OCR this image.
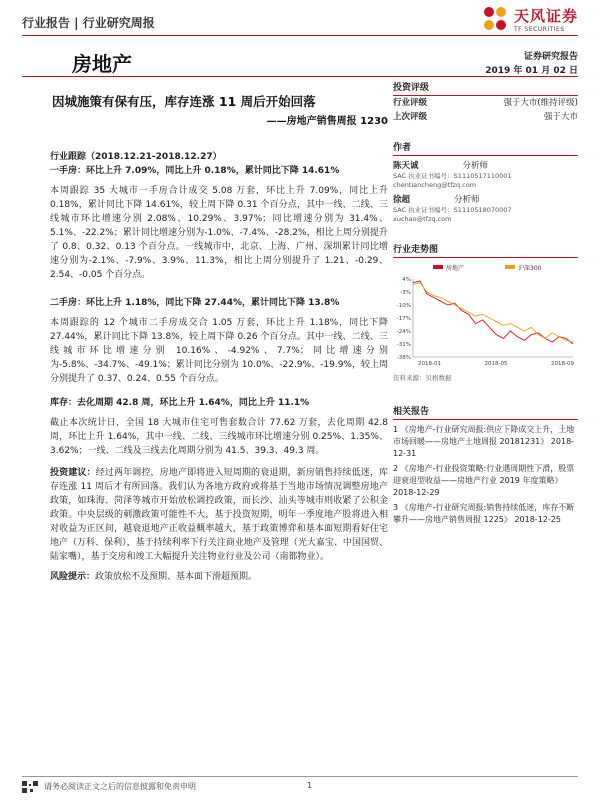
行业报告 | 行业研究周报	天风证券
TF SECURITIES
房地产	证券研究报告
2019 年 01 月 02 日
因城施策有保有压，库存连涨 11 周后开始回落
——房地产销售周报 1230
行业跟踪（2018.12.21-2018.12.27）
一手房：环比上升 7.09%，同比上升 0.18%，累计同比下降 14.61%

本周跟踪 35 大城市一手房合计成交 5.08 万套，环比上升 7.09%，同比上升 0.18%，累计同比下降 14.61%，较上周下降 0.31 个百分点，其中一线、二线、三线城市环比增速分别 2.08%、10.29%、3.97%；同比增速分别为 31.4%、5.1%、-22.2%；累计同比增速分别为-1.0%、-7.4%、-28.2%，相比上周分别提升了 0.8、0.32、0.13 个百分点。一线城市中，北京、上海、广州、深圳累计同比增速分别为-2.1%、-7.9%、3.9%、11.3%，相比上周分别提升了 1.21、-0.29、2.54、-0.05 个百分点。

二手房：环比上升 1.18%，同比下降 27.44%，累计同比下降 13.8%

本周跟踪的 12 个城市二手房成交合 1.05 万套，环比上升 1.18%，同比下降 27.44%，累计同比下降 13.8%，较上周下降 0.26 个百分点。其中一线、二线、三线城市环比增速分别 10.16%、-4.92%、7.7%；同比增速分别为-5.8%、-34.7%、-49.1%；累计同比分别为 10.0%、-22.9%、-19.9%，较上周分别提升了 0.37、0.24、0.55 个百分点。

库存：去化周期 42.8 周，环比上升 1.64%，同比上升 11.1%

截止本次统计日，全国 18 大城市住宅可售套数合计 77.62 万套，去化周期 42.8 周，环比上升 1.64%，其中一线、二线、三线城市环比增速分别 0.25%、1.35%、3.62%；一线、二线及三线去化周期分别为 41.5、39.3、49.3 周。

投资建议：经过两年调控，房地产即将进入短周期的衰退期，新房销售持续低迷，库存连涨 11 周后才有所回落。我们认为各地方政府或将基于当地市场情况调整房地产政策，如珠海、菏泽等城市开始放松调控政策，而长沙、汕头等城市则收紧了公积金政策。中央层级的刺激政策可能性不大，基于投资短期，明年一季度地产股将进入相对收益为正区间，越衰退地产正收益概率越大，基于政策博弈和基本面短期看好住宅地产（万科、保利），基于持续利率下行关注商业地产及管理（光大嘉宝、中国国贸、陆家嘴），基于交房和竣工大幅提升关注物业行业及公司（南都物业）。

风险提示：政策放松不及预期、基本面下滑超预期。

投资评级
行业评级	强于大市(维持评级)
上次评级	强于大市
作者
陈天诚	分析师
SAC 执业证书编号：S1110517110001
chentiancheng@tfzq.com
徐超	分析师
SAC 执业证书编号：S1110518070007
xuchao@tfzq.com
行业走势图
房地产	沪深300
4%
-3%
-10%
-17%
-24%
-31%
-38%
2018-01	2018-05	2018-09
资料来源：贝格数据
相关报告
1 《房地产-行业研究周报:供应下降成交上升，土地市场回暖——房地产土地周报 20181231》 2018-12-31
2 《房地产-行业投资策略:行业遇周期性下滑，股票迎衰退型收益——房地产行业 2019 年度策略》 2018-12-29
3 《房地产-行业研究周报:销售持续低迷，库存不断攀升——房地产销售周报 1225》 2018-12-25
请务必阅读正文之后的信息披露和免责申明	1
